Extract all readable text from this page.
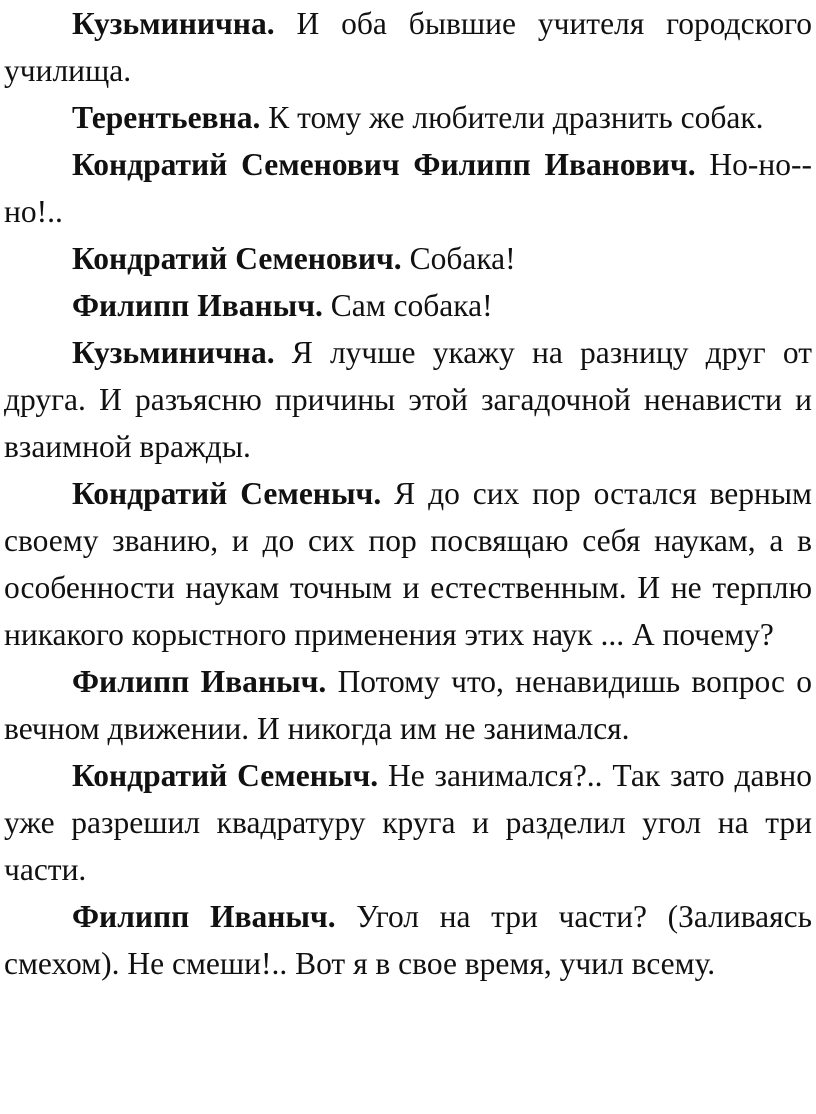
Кузьминична. И оба бывшие учителя городского училища.

Терентьевна. К тому же любители дразнить собак.

Кондратий Семенович Филипп Иванович. Но-но-но!..

Кондратий Семенович. Собака!

Филипп Иваныч. Сам собака!

Кузьминична. Я лучше укажу на разницу друг от друга. И разъясню причины этой загадочной ненависти и взаимной вражды.

Кондратий Семеныч. Я до сих пор остался верным своему званию, и до сих пор посвящаю себя наукам, а в особенности наукам точным и естественным. И не терплю никакого корыстного применения этих наук ... А почему?

Филипп Иваныч. Потому что, ненавидишь вопрос о вечном движении. И никогда им не занимался.

Кондратий Семеныч. Не занимался?.. Так зато давно уже разрешил квадратуру круга и разделил угол на три части.

Филипп Иваныч. Угол на три части? (Заливаясь смехом). Не смеши!.. Вот я в свое время, учил всему.
